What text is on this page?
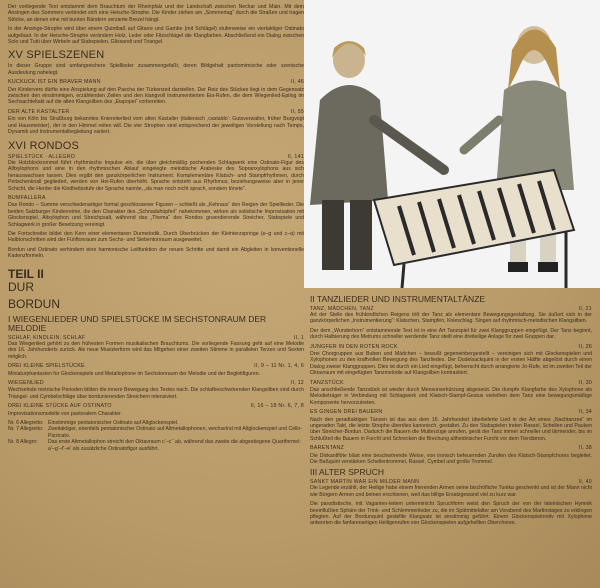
Der vorliegende Text entstammt dem Brauchtum der Rheinpfalz und der Landschaft zwischen Neckar und Main. Mit dem Ansingen des Sommers verbindet sich eine Heische-Strophe. Die Kinder ziehen am „Sommertag“ durch die Straßen und tragen Stöcke, an denen eine mit bunten Bändern verzierte Brezel hängt.

In der Ansinge-Strophe wird über einem Quintbaß auf Gitarre und Gambe (mit Schlägel) stufenweise ein viertaktiger Ostinato aufgebaut. In der Heische-Strophe verändern Holz, Leder oder Fitzschlägel die Klangfarben. Abschließend ein Dialog zwischen Solo und Tutti über Wirbeln auf Stabspielen, Glissandi und Triangel.

XV SPIELSZENEN

In dieser Gruppe sind umfangreichere Spiellieder zusammengefaßt, deren Bildgehalt pantomimische oder szenische Ausdeutung nahelegt.

KUCKUCK IST EIN BRAVER MANN	II, 46

Der Kindervers dürfte eine Anspielung auf den Pascha der Türkenzeit darstellen. Der Reiz des Stückes liegt in dem Gegensatz zwischen den einstimmigen, erzählenden Zeilen und den klangvoll instrumentierten Eia-Rufen, die dem Wiegenlied-Epilog im Sechsachteltakt auf die alten Klangsilben des „Eiapopei“ vorbereiten.

DER ALTE KASTALTER	II, 55

Ein von Köln bis Straßburg bekanntes Kniereiterlied vom alten Kastaller (italienisch ‚castaldo‘: Gutsverwalter, früher Burgvogt und Hausmeister), der in den Himmel reiten will. Die vier Strophen sind entsprechend der jeweiligen Vorstellung nach Tempo, Dynamik und Instrumentalbegleitung variiert.

XVI RONDOS
SPIELSTÜCK · ALLEGRO	II, 141

Die Holzblockrommel führt rhythmische Impulse ein, die über gleichmäßig pochenden Schlagwerk eine Ostinato-Figur des Alltxylophons und eine in den rhythmischen Ablauf eingelegte melodische Arabeske des Sopranxylophons aus sich herauswachsen lassen. Dies ergibt den ganzkörperlichen Instrument. Komplementäre Klatsch- und Stampfrhythmen, durch Peitschenknall gegliedert, werden von Hei-Rufen überhöht. Sprache entsteht aus Rhythmus; beziehungsweise aber in jener Schicht, die Herder die Kindheitsstufe der Sprache nannte, „da man noch nicht sprach, sondern tönete“.

BUMFALLERA

Das Rondo – Summe verschiedenartiger formal geschlossener Figuren – schließt als „Kehraus“ den Reigen der Spiellieder. Die beiden Salzburger Kinderreime, die den Charakter des „Schnadahüpferl“ nahekommen, wirken als solistische Improvisation mit Glockenspiel, Altxylophon und Streichpsalt, während das „Thema“ des Rondos gruendierende Streicher, Stabspiele und Schlagwerk in großer Besetzung vereinigt.

Die Fortschreibe bildet den Kern einer elementaren Durmelodik. Durch Überbrücken der Kleinterzspringe (e–g und c–a) mit Halbtonschritten wird der Fünftonraum zum Sechs- und Siebentonraum ausgeweitet.

Bordun und Ostinato verhindern eine harmonische Leitfunktion der neuen Schritte und damit ein Abgleiten in konventionelle Kadenzformeln.

TEIL II
DUR
BORDUN
I WIEGENLIEDER UND SPIELSTÜCKE IM SECHSTONRAUM DER MELODIE
SCHLAF, KINDLEIN, SCHLAF	II, 1

Das Wiegenlied gehört zu den frühesten Formen musikalischen Brauchtums. Die vorliegende Fassung geht auf eine Melodie des 16. Jahrhunderts zurück. Als neue Musizierform wird das Mitgehen einer zweiten Stimme in parallelen Terzen und Sexten möglich.

DREI KLEINE SPIELSTÜCKE	II, 9 – 11 Nr. 1, 4, 6

Miniaturphantasien für Glockenspiele und Metallophone im Sechstonraum der Melodie und der Begleitfiguren.

WIEGENLIED	II, 12

Wechselnde metrische Perioden bilden die innere Bewegung des Textes nach. Die schlafbeschwörenden Klangsilben sind durch Triangel- und Cymbelschläge über bordunierenden Streichern intensiviert.

DREI KLEINE STÜCKE AUF OSTINATO	II, 16 – 18 Nr. 6, 7, 8

Improvisationsmodelle von pastoralem Charakter.

Nr. 6 Allegretto: Einstimmige pentatonischer Ostinato auf Altglockenspiel.
Nr. 7 Allegretto: Zweitaktiger, ebenfalls pentatonischer Ostinato auf Altmetallophonen, wechselnd mit Altglockenspiel und Cello-Pizzicato.
Nr. 8 Allegro:	Das erste Altmetallophon streicht den Oktavraum c‘–c‘‘ ab, während das zweite die abgestiegene Quartformel: a‘–g‘–f‘–e‘ als zusätzliche Ostinatofigur ausführt.
II TANZLIEDER UND INSTRUMENTALTÄNZE
TANZ, MÄDCHEN, TANZ	II, 21

Art der Stelle des frühkindlichen Reigens tritt der Tanz als elementare Bewegungsgestaltung. Sie äußert sich in der ganzkörperlichen „Instrumentierung“: Klatschen, Stampfen, Knieschlag. Singen auf rhythmisch-melodischen Klangsilben.

Der dem „Wunderhorn“ entstammende Text ist in eine Art Tanzspiel für zwei Klanggruppen eingefügt. Der Tanz beginnt, durch Halbierung des Metrums schneller werdende Tanz steilt eine dreiteilige Anlage für zwei Gruppen dar.

JUNGFER IN DEN ROTEN ROCK	II, 26

Drei Chorgruppen aus Buben und Mädchen – bewußt gegeneinbergestellt – vereinigen sich mit Glockenspielen und Xylophonen zu den kraftvollen Bewegung des Tanzliedes. Der Dudelsackquint in der ersten Hälfte abgelöst durch einen Dialog zweier Klanggruppen. Dies ist durch ein Lied eingefügt, beherrscht durch arrangierte Jo-Rufe, ist im zweiten Teil der Oktavraum mit eingefügten Tanzmelodie auf Klangsilben kontrastiert.

TANZSTÜCK	II, 30

Das anschließende Tanzstück ist wieder durch Mensurverkürzung abgesetzt. Die dumpfe Klangfarbe des Xylophone als Melodieträger in Verbindung mit Schlagwerk und Klatsch-Stampf-Gestus verleihen dem Tanz eine bewegungsmäßige Komponente hervorzutreten.

ES GINGEN DREI BAUERN	II, 34

Nach den geradtaktigen Tänzen ist das aus dem 16. Jahrhundert überlieferte Lied in der Art eines „Nachtanzes“ im ungeraden Takt, die letzte Strophe überdies kanonisch, gestaltet. Zu den Stabspielen treten Rassel, Schellen und Pauken über Streicher-Bordun. Dadurch die Bauern die Mutterzüge anrufen, gerät der Tanz immer schneller und lärmender, bis im Schlußteil die Bauern in Furcht und Schrecken die Brechung altheidnischer Furcht vor dem Tierdämon.

BARENTANZ	II, 38

Die Diskantflöte bläst eine beschwörende Weise, von ironisch befeuernden Zurufen des Klatsch-Stampfchores begleitet. Die Baßquint verstärken Schellentrommel, Rassel, Cymbel und große Trommel.

III ALTER SPRUCH
SANKT MARTIN WAR EIN MILDER MANN	II, 40

Die Legende erzählt, der Heilige habe einem frierenden Armen seine bischöfliche Tunika geschenkt und ist der Mann nicht wie Bürgern Armen und beinen erschienen, weil das billige Ersatzgewand viel zu kurz war.

Die parodistische, mit Vaganten-leitem unterminicht Spruchform weist den Spruch der von der lateinischen Hymnik beeinflußten Sphäre der Trink- und Schlemmerlieder zu, die im Spätmittelalter am Vorabend des Martinstages zu erklingen pflegten. Auf der Bordunquint gestellte Klangsatz ist einstimmig geführt. Einem Glockenspielmotiv mit Xylophone antworten die fanfarenartigen Heiligenrufen von Glockenspielen aufgehellten Oberchores.
